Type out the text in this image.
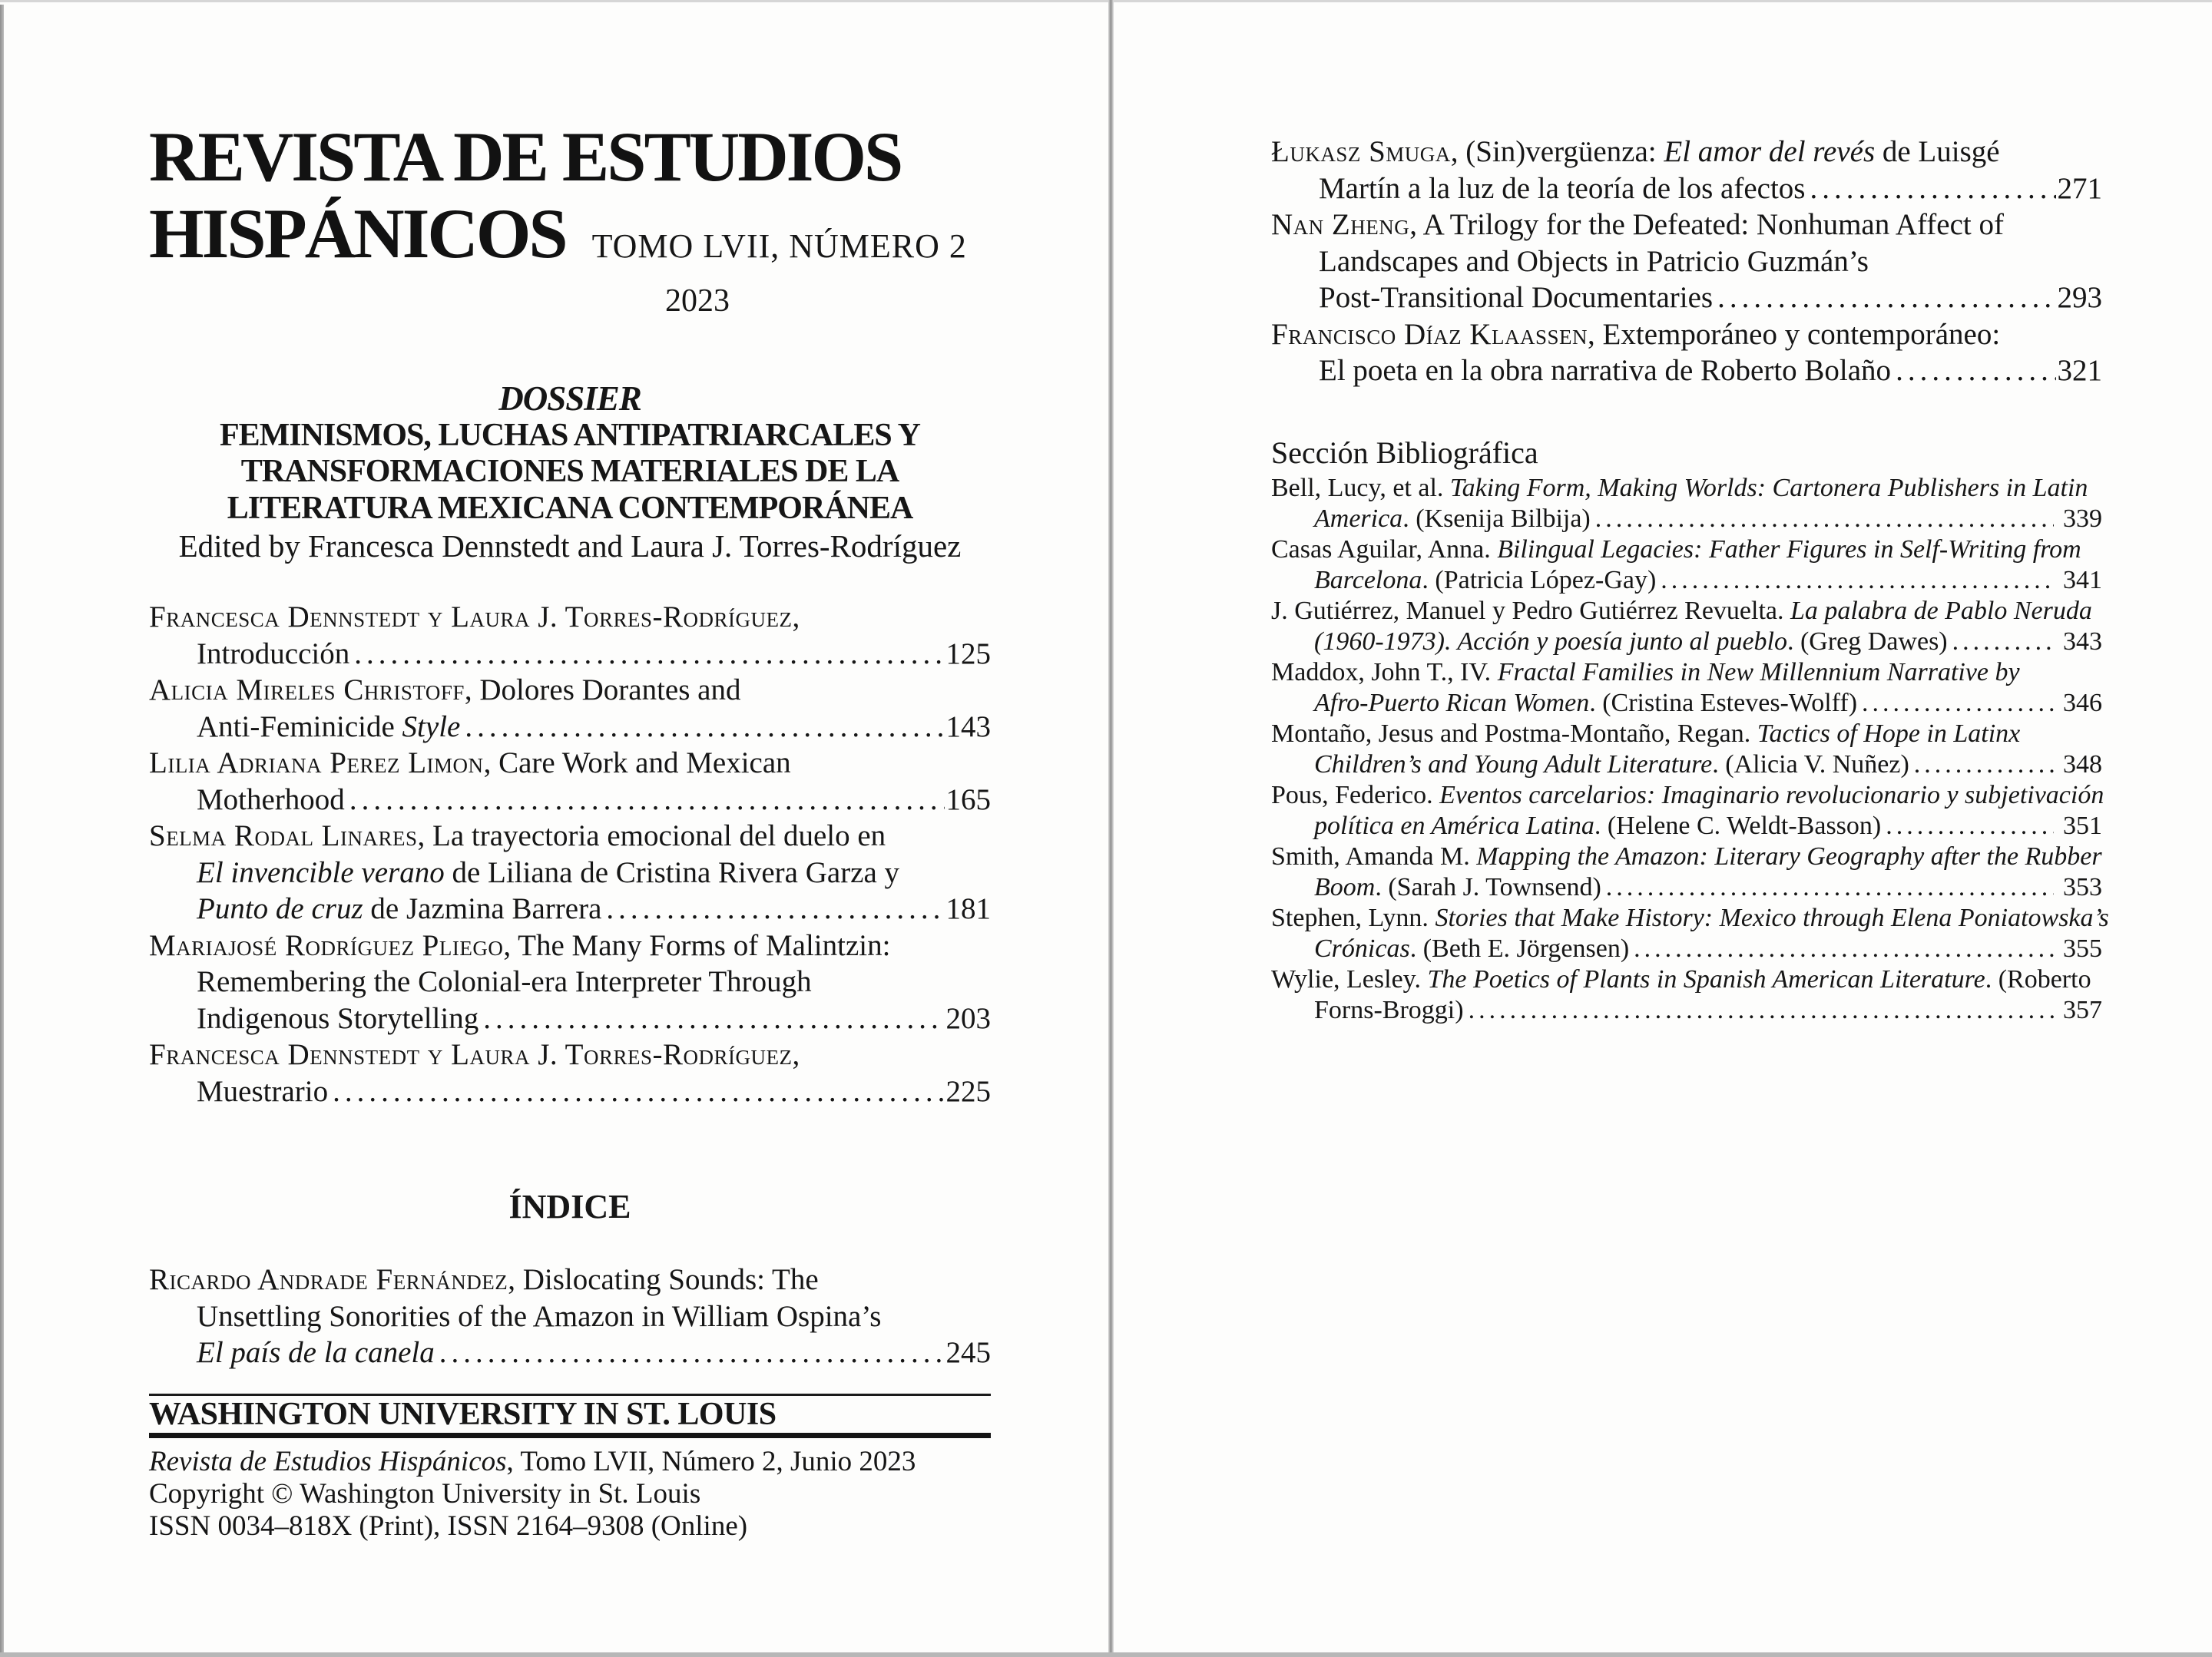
REVISTA DE ESTUDIOS
HISPÁNICOS TOMO LVII, NÚMERO 2
2023
DOSSIER
FEMINISMOS, LUCHAS ANTIPATRIARCALES Y
TRANSFORMACIONES MATERIALES DE LA
LITERATURA MEXICANA CONTEMPORÁNEA
Edited by Francesca Dennstedt and Laura J. Torres-Rodríguez
Francesca Dennstedt y Laura J. Torres-Rodríguez,
Introducción .....	125
Alicia Mireles Christoff, Dolores Dorantes and
Anti-Feminicide Style .....	143
Lilia Adriana Perez Limon, Care Work and Mexican
Motherhood .....	165
Selma Rodal Linares, La trayectoria emocional del duelo en
El invencible verano de Liliana de Cristina Rivera Garza y
Punto de cruz de Jazmina Barrera .....	181
Mariajosé Rodríguez Pliego, The Many Forms of Malintzin:
Remembering the Colonial-era Interpreter Through
Indigenous Storytelling .....	203
Francesca Dennstedt y Laura J. Torres-Rodríguez,
Muestrario .....	225
ÍNDICE
Ricardo Andrade Fernández, Dislocating Sounds: The
Unsettling Sonorities of the Amazon in William Ospina’s
El país de la canela .....	245
WASHINGTON UNIVERSITY IN ST. LOUIS
Revista de Estudios Hispánicos, Tomo LVII, Número 2, Junio 2023
Copyright © Washington University in St. Louis
ISSN 0034–818X (Print), ISSN 2164–9308 (Online)
Łukasz Smuga, (Sin)vergüenza: El amor del revés de Luisgé
Martín a la luz de la teoría de los afectos .....	271
Nan Zheng, A Trilogy for the Defeated: Nonhuman Affect of
Landscapes and Objects in Patricio Guzmán’s
Post-Transitional Documentaries .....	293
Francisco Díaz Klaassen, Extemporáneo y contemporáneo:
El poeta en la obra narrativa de Roberto Bolaño .....	321
Sección Bibliográfica
Bell, Lucy, et al. Taking Form, Making Worlds: Cartonera Publishers in Latin
America. (Ksenija Bilbija) .....	339
Casas Aguilar, Anna. Bilingual Legacies: Father Figures in Self-Writing from
Barcelona. (Patricia López-Gay) .....	341
J. Gutiérrez, Manuel y Pedro Gutiérrez Revuelta. La palabra de Pablo Neruda
(1960-1973). Acción y poesía junto al pueblo. (Greg Dawes) .....	343
Maddox, John T., IV. Fractal Families in New Millennium Narrative by
Afro-Puerto Rican Women. (Cristina Esteves-Wolff) .....	346
Montaño, Jesus and Postma-Montaño, Regan. Tactics of Hope in Latinx
Children’s and Young Adult Literature. (Alicia V. Nuñez) .....	348
Pous, Federico. Eventos carcelarios: Imaginario revolucionario y subjetivación
política en América Latina. (Helene C. Weldt-Basson) .....	351
Smith, Amanda M. Mapping the Amazon: Literary Geography after the Rubber
Boom. (Sarah J. Townsend) .....	353
Stephen, Lynn. Stories that Make History: Mexico through Elena Poniatowska’s
Crónicas. (Beth E. Jörgensen) .....	355
Wylie, Lesley. The Poetics of Plants in Spanish American Literature. (Roberto
Forns-Broggi) .....	357
